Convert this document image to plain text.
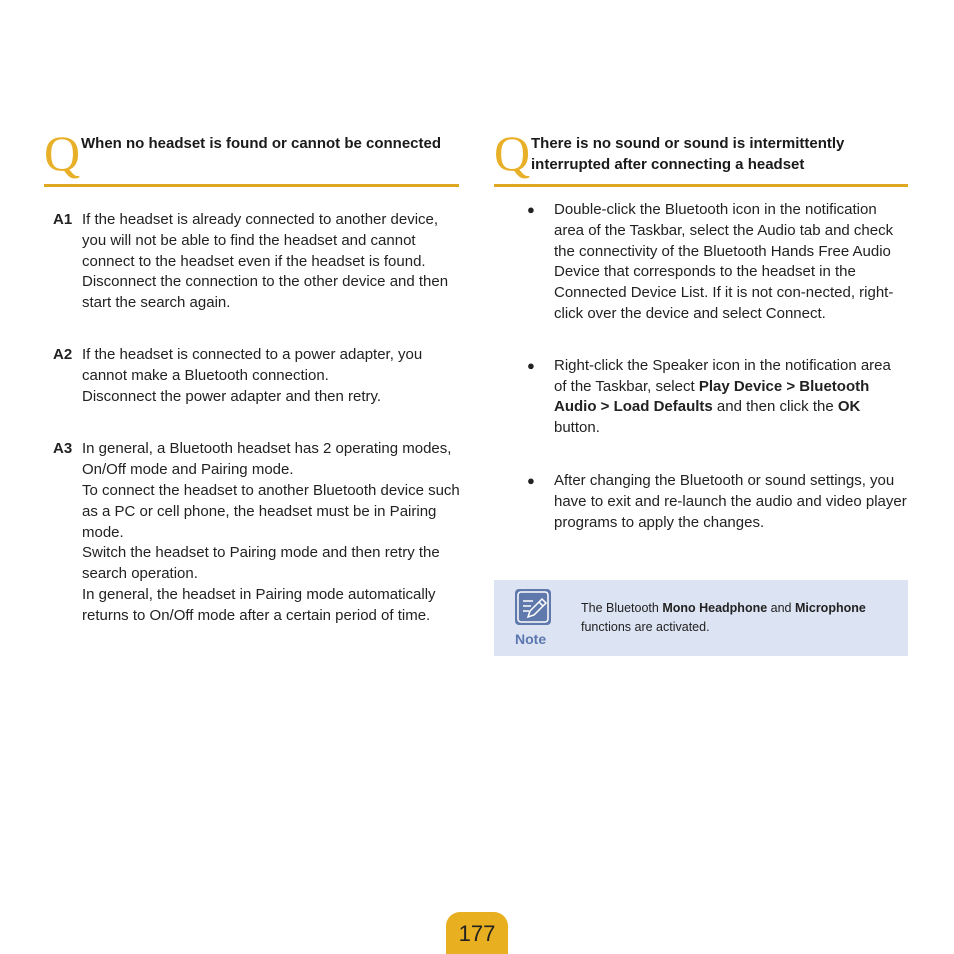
Q When no headset is found or cannot be connected
A1 If the headset is already connected to another device, you will not be able to find the headset and cannot connect to the headset even if the headset is found. Disconnect the connection to the other device and then start the search again.

A2 If the headset is connected to a power adapter, you cannot make a Bluetooth connection.

Disconnect the power adapter and then retry.

A3 In general, a Bluetooth headset has 2 operating modes, On/Off mode and Pairing mode.

To connect the headset to another Bluetooth device such as a PC or cell phone, the headset must be in Pairing mode.

Switch the headset to Pairing mode and then retry the search operation.

In general, the headset in Pairing mode automatically returns to On/Off mode after a certain period of time.

Q There is no sound or sound is intermittently interrupted after connecting a headset
● Double-click the Bluetooth icon in the notification area of the Taskbar, select the Audio tab and check the connectivity of the Bluetooth Hands Free Audio Device that corresponds to the headset in the Connected Device List. If it is not con-nected, right-click over the device and select Connect.
● Right-click the Speaker icon in the notification area of the Taskbar, select Play Device > Bluetooth Audio > Load Defaults and then click the OK button.
● After changing the Bluetooth or sound settings, you have to exit and re-launch the audio and video player programs to apply the changes.
Note
The Bluetooth Mono Headphone and Microphone functions are activated.
177
